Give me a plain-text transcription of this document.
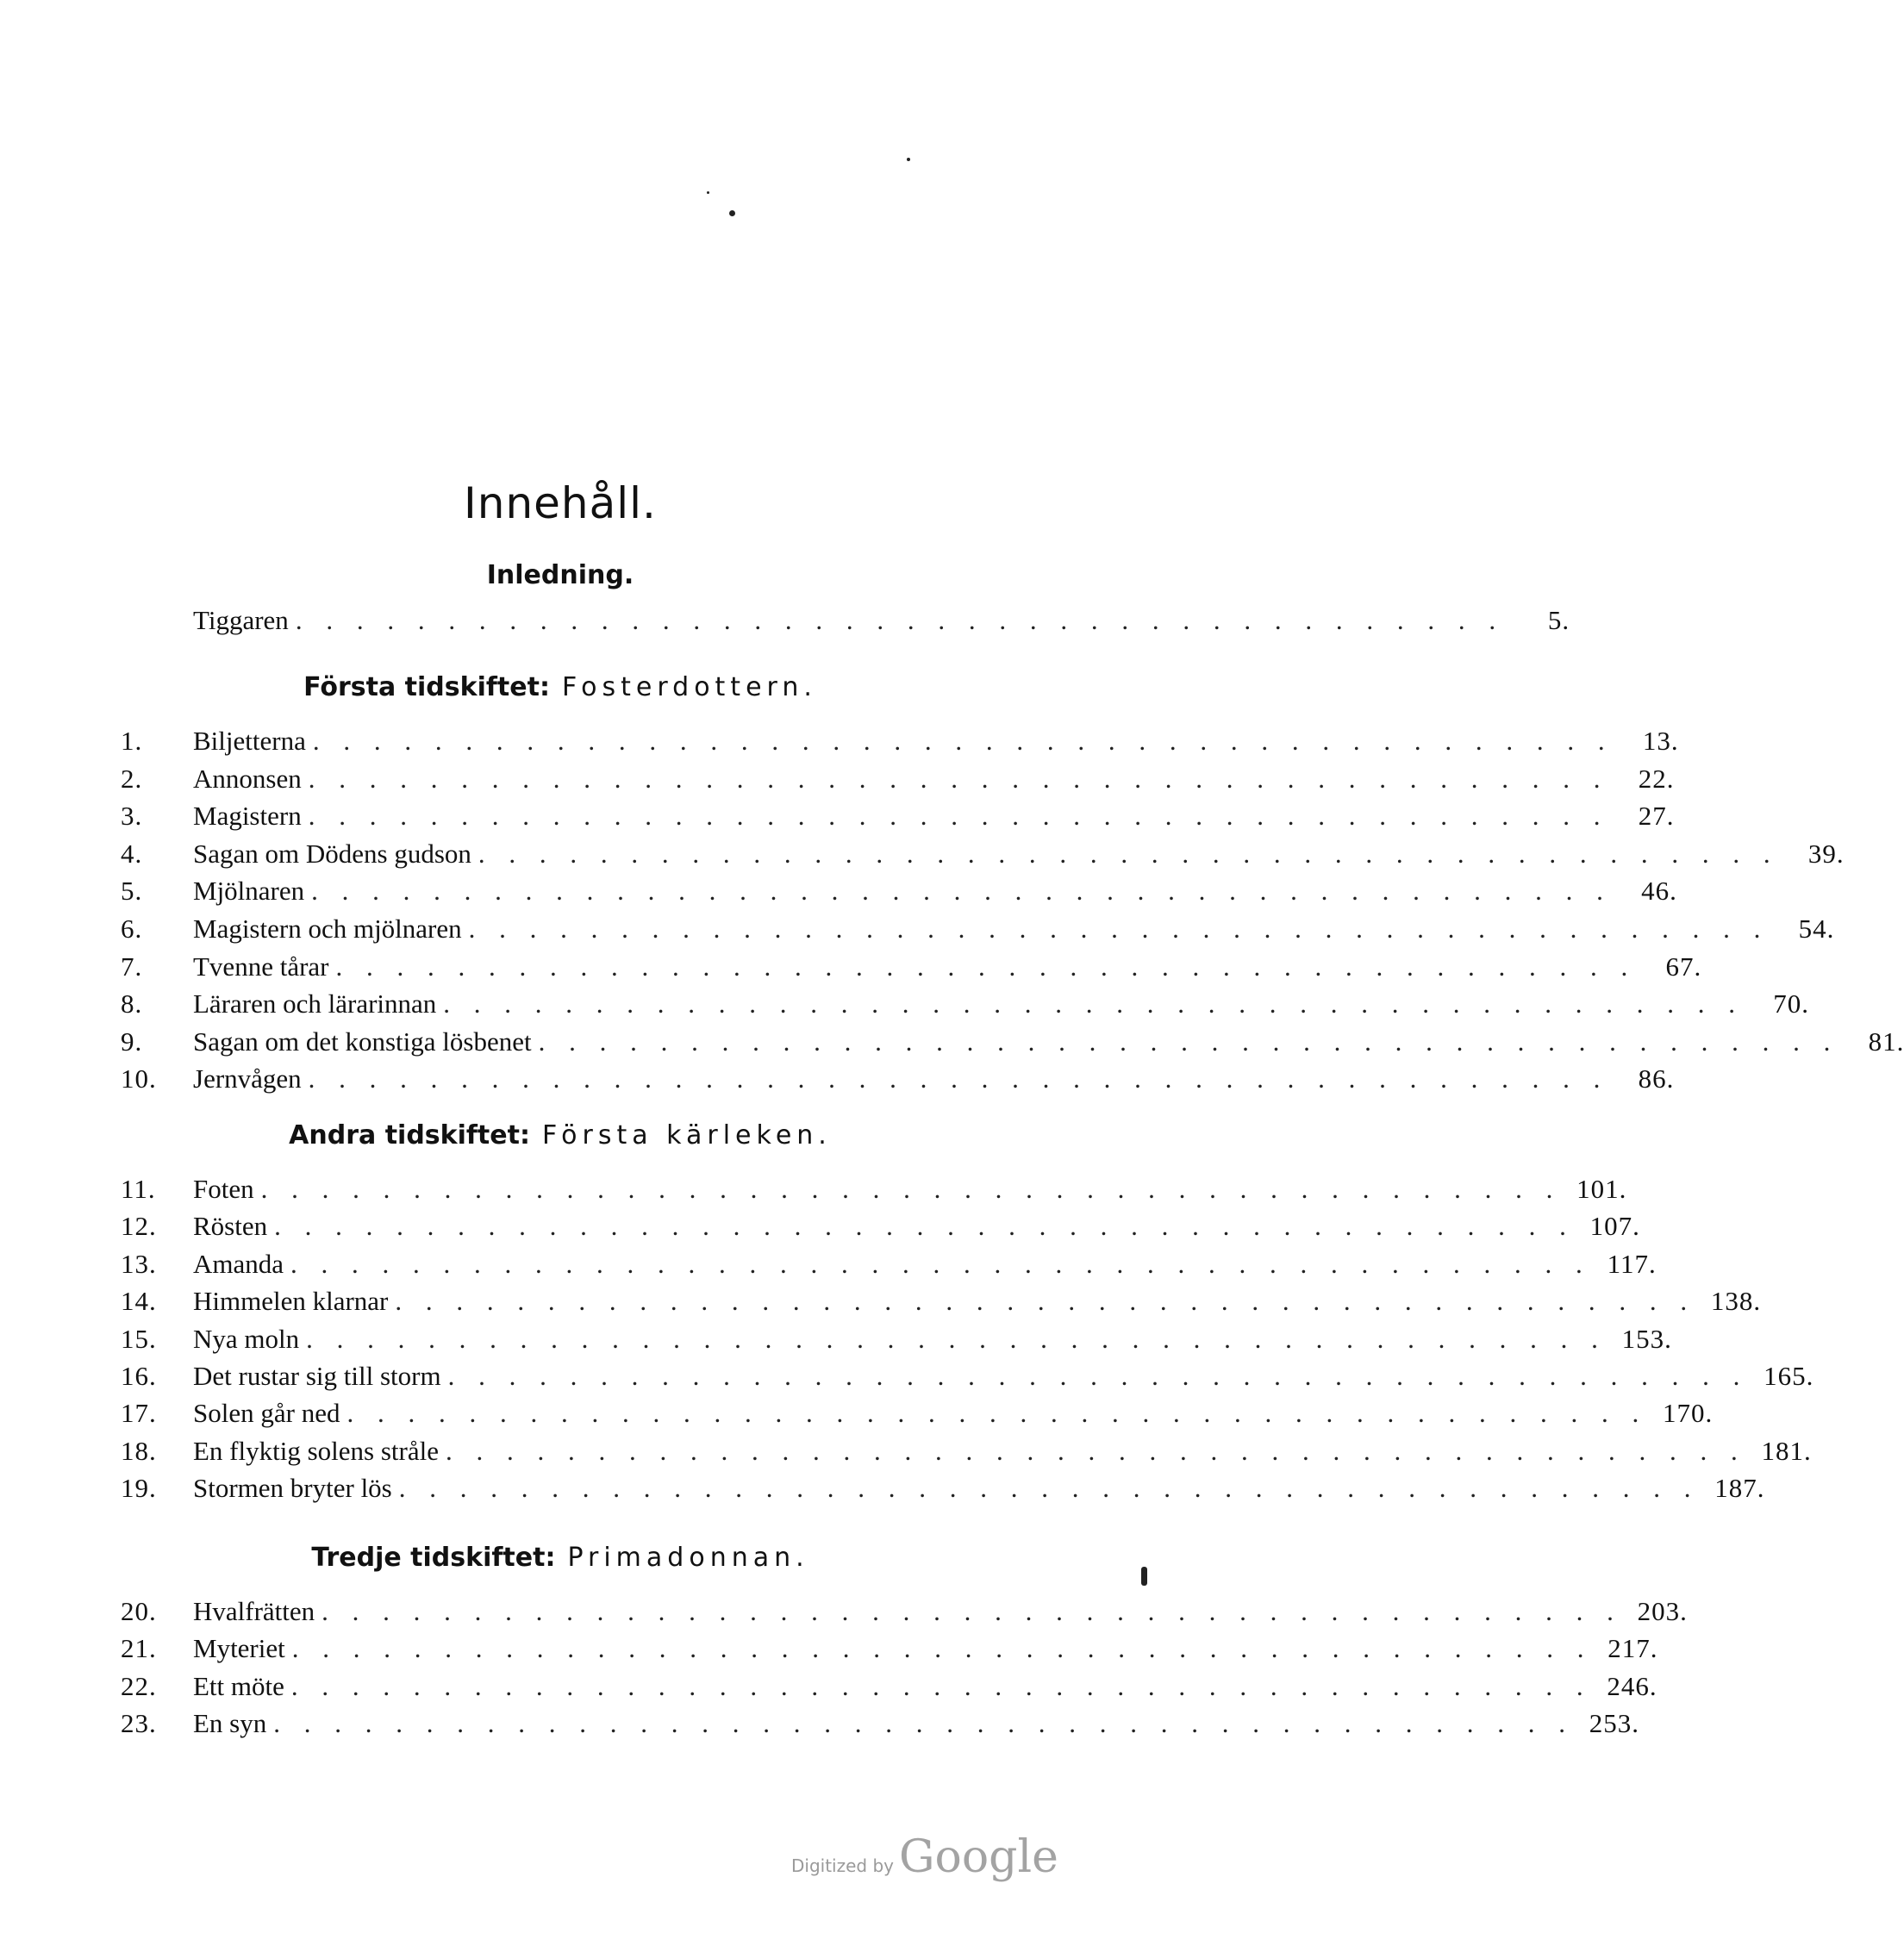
Innehåll.
Inledning.
Tiggaren . . . . . . . . . . . . . . . . . . . . . . . . . . . . . . . . . . . . . . . .	5.
Första tidskiftet: Fosterdottern.
1.	Biljetterna . . . . . . . . . . . . . . . . . . . . . . . . . . . . . . . . . . . . . . . . . . .	13.
2.	Annonsen . . . . . . . . . . . . . . . . . . . . . . . . . . . . . . . . . . . . . . . . . . .	22.
3.	Magistern . . . . . . . . . . . . . . . . . . . . . . . . . . . . . . . . . . . . . . . . . . .	27.
4.	Sagan om Dödens gudson . . . . . . . . . . . . . . . . . . . . . . . . . . . . . . . . . . . . . . . . . . .	39.
5.	Mjölnaren . . . . . . . . . . . . . . . . . . . . . . . . . . . . . . . . . . . . . . . . . . .	46.
6.	Magistern och mjölnaren . . . . . . . . . . . . . . . . . . . . . . . . . . . . . . . . . . . . . . . . . . .	54.
7.	Tvenne tårar . . . . . . . . . . . . . . . . . . . . . . . . . . . . . . . . . . . . . . . . . . .	67.
8.	Läraren och lärarinnan . . . . . . . . . . . . . . . . . . . . . . . . . . . . . . . . . . . . . . . . . . .	70.
9.	Sagan om det konstiga lösbenet . . . . . . . . . . . . . . . . . . . . . . . . . . . . . . . . . . . . . . . . . . .	81.
10.	Jernvågen . . . . . . . . . . . . . . . . . . . . . . . . . . . . . . . . . . . . . . . . . . .	86.
Andra tidskiftet: Första kärleken.
11.	Foten . . . . . . . . . . . . . . . . . . . . . . . . . . . . . . . . . . . . . . . . . . . 101.
12.	Rösten . . . . . . . . . . . . . . . . . . . . . . . . . . . . . . . . . . . . . . . . . . . 107.
13.	Amanda . . . . . . . . . . . . . . . . . . . . . . . . . . . . . . . . . . . . . . . . . . . 117.
14.	Himmelen klarnar . . . . . . . . . . . . . . . . . . . . . . . . . . . . . . . . . . . . . . . . . . . 138.
15.	Nya moln . . . . . . . . . . . . . . . . . . . . . . . . . . . . . . . . . . . . . . . . . . . 153.
16.	Det rustar sig till storm . . . . . . . . . . . . . . . . . . . . . . . . . . . . . . . . . . . . . . . . . . . 165.
17.	Solen går ned . . . . . . . . . . . . . . . . . . . . . . . . . . . . . . . . . . . . . . . . . . . 170.
18.	En flyktig solens stråle . . . . . . . . . . . . . . . . . . . . . . . . . . . . . . . . . . . . . . . . . . . 181.
19.	Stormen bryter lös . . . . . . . . . . . . . . . . . . . . . . . . . . . . . . . . . . . . . . . . . . . 187.
Tredje tidskiftet: Primadonnan.
20.	Hvalfrätten . . . . . . . . . . . . . . . . . . . . . . . . . . . . . . . . . . . . . . . . . . . 203.
21.	Myteriet . . . . . . . . . . . . . . . . . . . . . . . . . . . . . . . . . . . . . . . . . . . 217.
22.	Ett möte . . . . . . . . . . . . . . . . . . . . . . . . . . . . . . . . . . . . . . . . . . . 246.
23.	En syn . . . . . . . . . . . . . . . . . . . . . . . . . . . . . . . . . . . . . . . . . . . 253.
Digitized by Google
